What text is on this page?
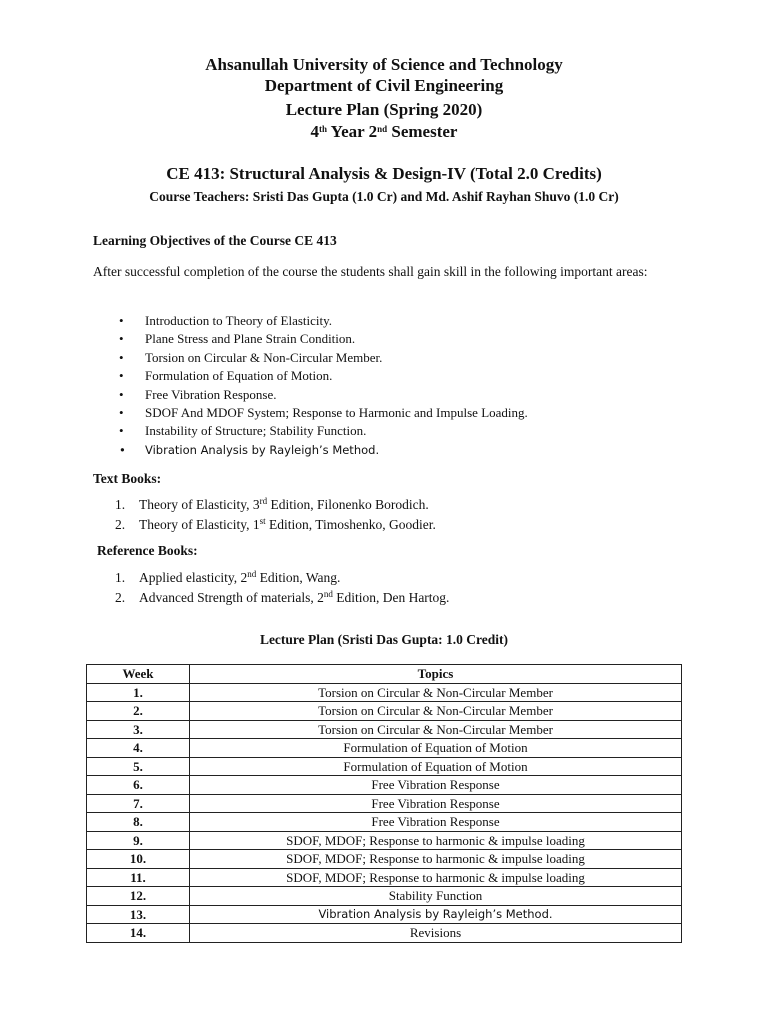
Ahsanullah University of Science and Technology
Department of Civil Engineering
Lecture Plan (Spring 2020)
4th Year 2nd Semester
CE 413: Structural Analysis & Design-IV (Total 2.0 Credits)
Course Teachers: Sristi Das Gupta (1.0 Cr) and Md. Ashif Rayhan Shuvo (1.0 Cr)
Learning Objectives of the Course CE 413
After successful completion of the course the students shall gain skill in the following important areas:
• Introduction to Theory of Elasticity.
• Plane Stress and Plane Strain Condition.
• Torsion on Circular & Non-Circular Member.
• Formulation of Equation of Motion.
• Free Vibration Response.
• SDOF And MDOF System; Response to Harmonic and Impulse Loading.
• Instability of Structure; Stability Function.
• Vibration Analysis by Rayleigh’s Method.
Text Books:
1. Theory of Elasticity, 3rd Edition, Filonenko Borodich.
2. Theory of Elasticity, 1st Edition, Timoshenko, Goodier.
Reference Books:
1. Applied elasticity, 2nd Edition, Wang.
2. Advanced Strength of materials, 2nd Edition, Den Hartog.
Lecture Plan (Sristi Das Gupta: 1.0 Credit)
Week	Topics
1.	Torsion on Circular & Non-Circular Member
2.	Torsion on Circular & Non-Circular Member
3.	Torsion on Circular & Non-Circular Member
4.	Formulation of Equation of Motion
5.	Formulation of Equation of Motion
6.	Free Vibration Response
7.	Free Vibration Response
8.	Free Vibration Response
9.	SDOF, MDOF; Response to harmonic & impulse loading
10.	SDOF, MDOF; Response to harmonic & impulse loading
11.	SDOF, MDOF; Response to harmonic & impulse loading
12.	Stability Function
13.	Vibration Analysis by Rayleigh’s Method.
14.	Revisions
